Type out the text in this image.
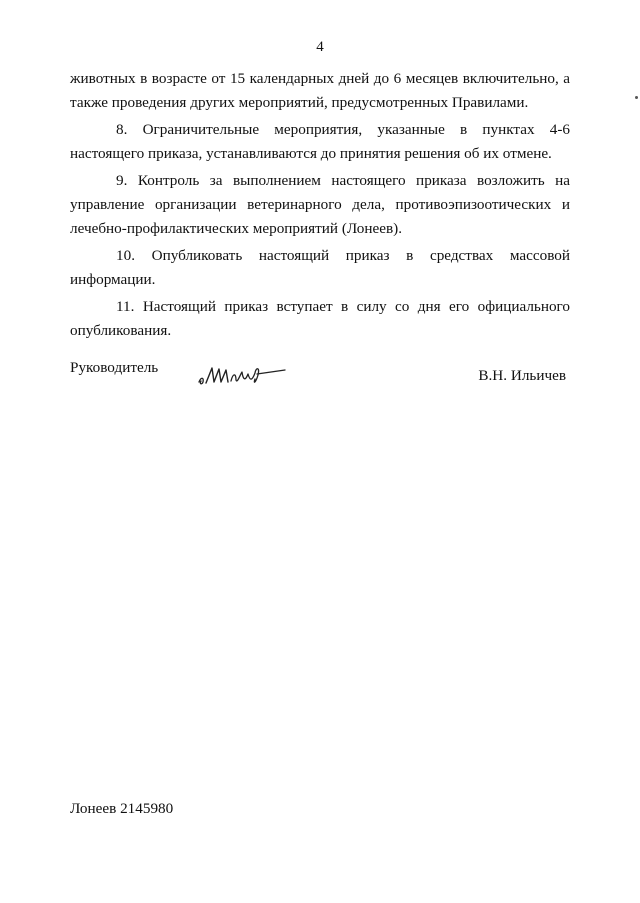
4

животных в возрасте от 15 календарных дней до 6 месяцев включительно, а также проведения других мероприятий, предусмотренных Правилами.

8. Ограничительные мероприятия, указанные в пунктах 4-6 настоящего приказа, устанавливаются до принятия решения об их отмене.

9. Контроль за выполнением настоящего приказа возложить на управление организации ветеринарного дела, противоэпизоотических и лечебно-профилактических мероприятий (Лонеев).

10. Опубликовать настоящий приказ в средствах массовой информации.

11. Настоящий приказ вступает в силу со дня его официального опубликования.

Руководитель	В.Н. Ильичев
Лонеев 2145980
